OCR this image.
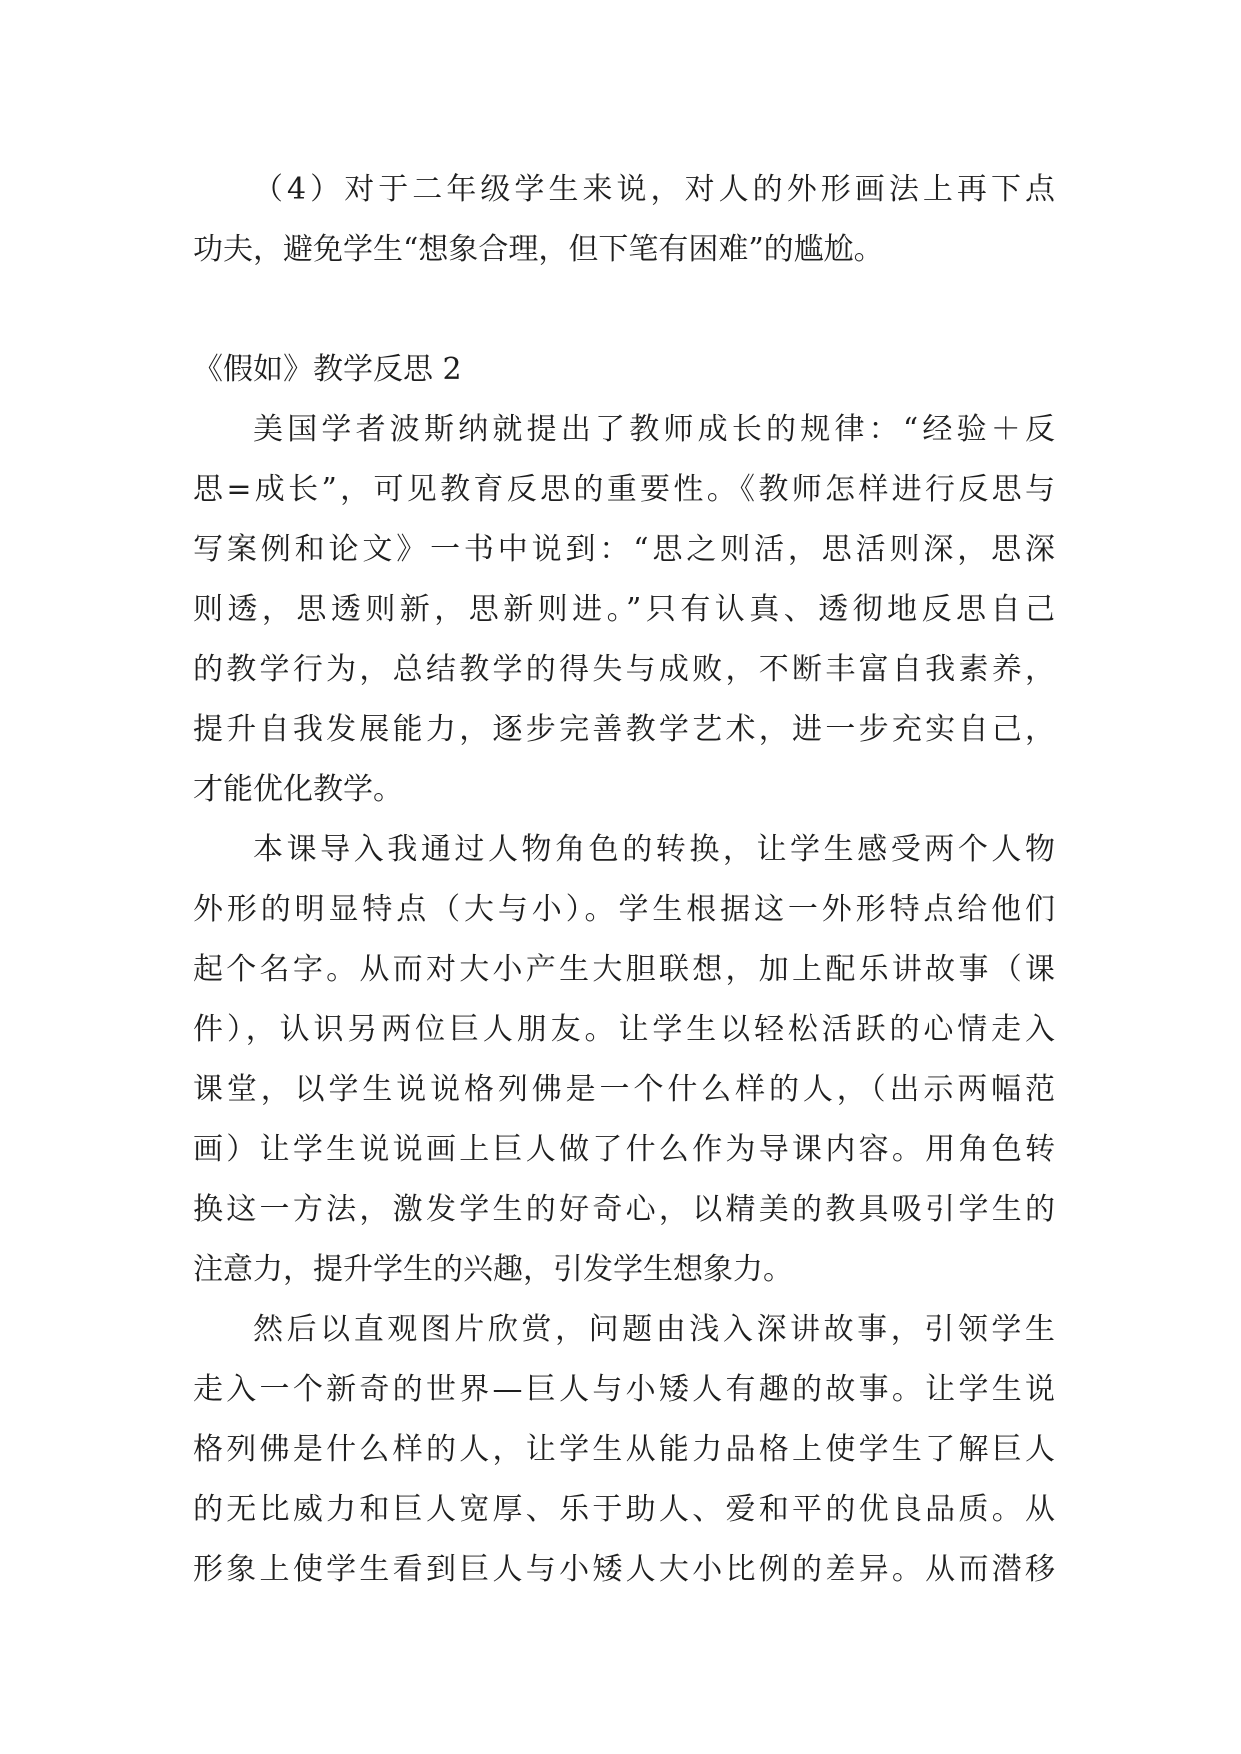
（4）对于二年级学生来说，对人的外形画法上再下点
功夫，避免学生“想象合理，但下笔有困难”的尴尬。

《假如》教学反思 2

美国学者波斯纳就提出了教师成长的规律：“经验＋反
思=成长”，可见教育反思的重要性。《教师怎样进行反思与
写案例和论文》一书中说到：“思之则活，思活则深，思深
则透，思透则新，思新则进。”只有认真、透彻地反思自己
的教学行为，总结教学的得失与成败，不断丰富自我素养，
提升自我发展能力，逐步完善教学艺术，进一步充实自己，
才能优化教学。

本课导入我通过人物角色的转换，让学生感受两个人物
外形的明显特点（大与小）。学生根据这一外形特点给他们
起个名字。从而对大小产生大胆联想，加上配乐讲故事（课
件），认识另两位巨人朋友。让学生以轻松活跃的心情走入
课堂，以学生说说格列佛是一个什么样的人，（出示两幅范
画）让学生说说画上巨人做了什么作为导课内容。用角色转
换这一方法，激发学生的好奇心，以精美的教具吸引学生的
注意力，提升学生的兴趣，引发学生想象力。

然后以直观图片欣赏，问题由浅入深讲故事，引领学生
走入一个新奇的世界—巨人与小矮人有趣的故事。让学生说
格列佛是什么样的人，让学生从能力品格上使学生了解巨人
的无比威力和巨人宽厚、乐于助人、爱和平的优良品质。从
形象上使学生看到巨人与小矮人大小比例的差异。从而潜移
